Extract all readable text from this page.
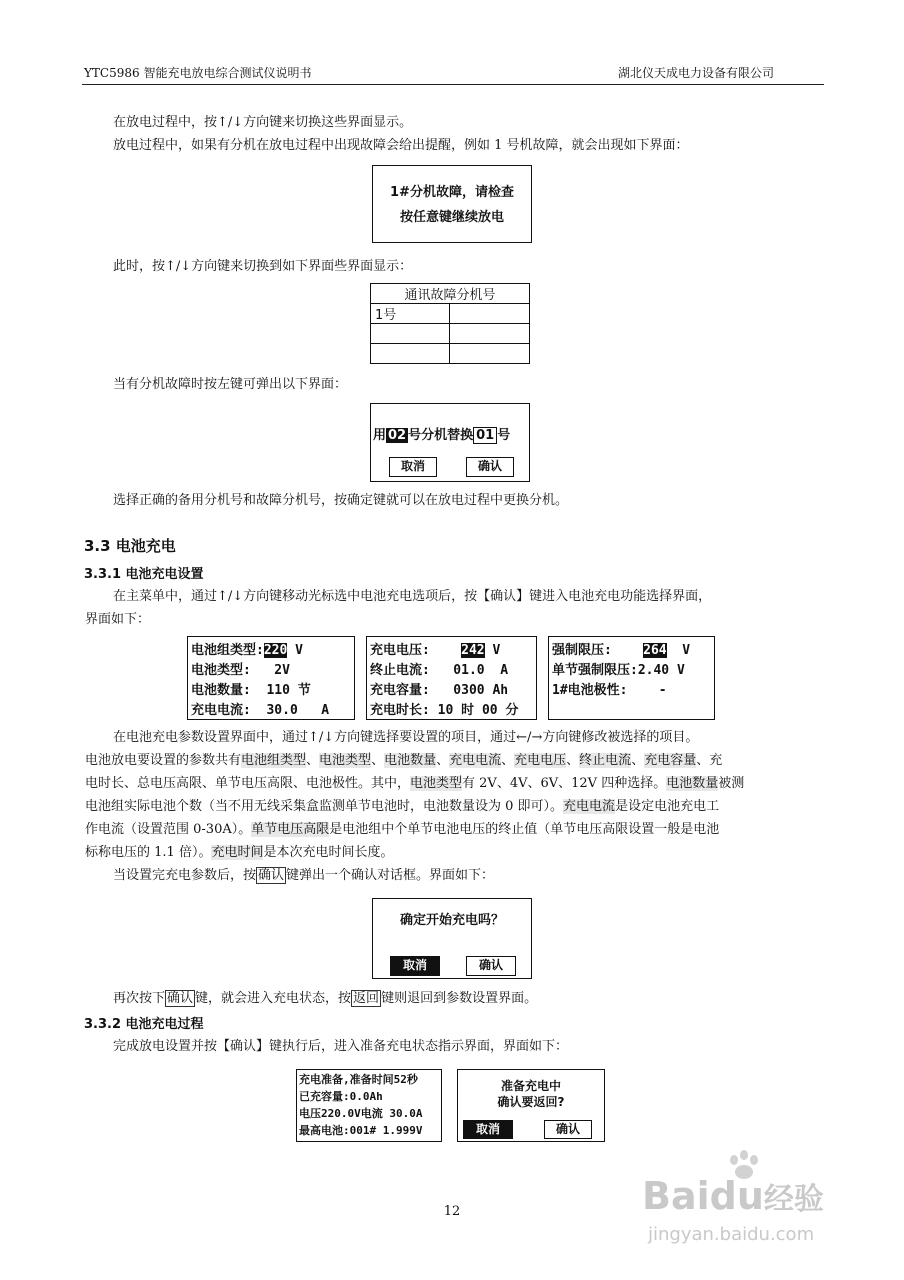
YTC5986 智能充电放电综合测试仪说明书	湖北仪天成电力设备有限公司

在放电过程中，按↑/↓方向键来切换这些界面显示。

放电过程中，如果有分机在放电过程中出现故障会给出提醒，例如 1 号机故障，就会出现如下界面：

1#分机故障，请检查
按任意键继续放电

此时，按↑/↓方向键来切换到如下界面些界面显示：

通讯故障分机号	
1号	

当有分机故障时按左键可弹出以下界面：

用 02 号分机替换 01 号
取消	确认

选择正确的备用分机号和故障分机号，按确定键就可以在放电过程中更换分机。

3.3 电池充电
3.3.1 电池充电设置

在主菜单中，通过↑/↓方向键移动光标选中电池充电选项后，按【确认】键进入电池充电功能选择界面，

界面如下：

电池组类型:220 V
电池类型:   2V
电池数量:  110 节
充电电流:  30.0   A
充电电压:    242 V
终止电流:   01.0  A
充电容量:   0300 Ah
充电时长: 10 时 00 分
强制限压:    264  V
单节强制限压:2.40 V
1#电池极性:    -

在电池充电参数设置界面中，通过↑/↓方向键选择要设置的项目，通过←/→方向键修改被选择的项目。

电池放电要设置的参数共有电池组类型、电池类型、电池数量、充电电流、充电电压、终止电流、充电容量、充

电时长、总电压高限、单节电压高限、电池极性。其中，电池类型有 2V、4V、6V、12V 四种选择。电池数量被测

电池组实际电池个数（当不用无线采集盒监测单节电池时，电池数量设为 0 即可）。充电电流是设定电池充电工

作电流（设置范围 0-30A）。单节电压高限是电池组中个单节电池电压的终止值（单节电压高限设置一般是电池

标称电压的 1.1 倍）。充电时间是本次充电时间长度。

当设置完充电参数后，按 确认 键弹出一个确认对话框。界面如下：

确定开始充电吗？
取消	确认

再次按下 确认 键，就会进入充电状态，按 返回 键则退回到参数设置界面。

3.3.2 电池充电过程

完成放电设置并按【确认】键执行后，进入准备充电状态指示界面，界面如下：

充电准备,准备时间52秒
已充容量:0.0Ah
电压220.0V电流 30.0A
最高电池:001# 1.999V
准备充电中
确认要返回?
取消	确认
12	Baidu经验
jingyan.baidu.com
